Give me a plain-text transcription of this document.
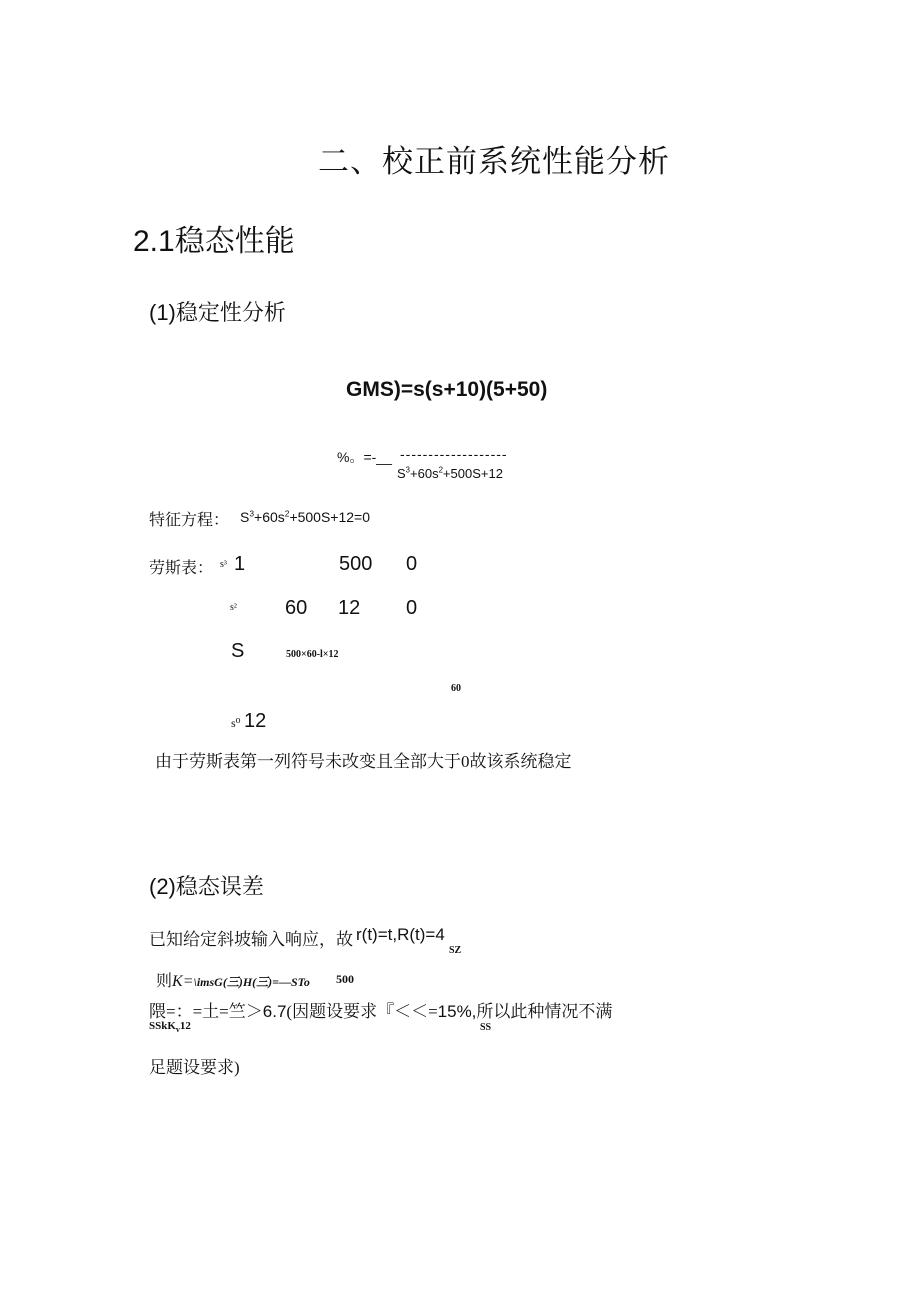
二、校正前系统性能分析
2.1稳态性能
(1)稳定性分析
GMS)=s(s+10)(5+50)
%。=-__ -------------------
$S^3+60s^2+500S+12$
特征方程： $S^3+60s^2+500S+12=0$
劳斯表： s³ 1	500 0
s² 60 12 0
S	500×60-l×12
60
s⁰ 12
由于劳斯表第一列符号未改变且全部大于0故该系统稳定
(2)稳态误差
已知给定斜坡输入响应，故 r(t)=t,R(t)=4
SZ
则K=\imsG(三)H(三)=—STo 500
隈=：=土=竺＞6.7(因题设要求『＜＜=15%,所以此种情况不满
SSkK$_v$12	SS
足题设要求)
